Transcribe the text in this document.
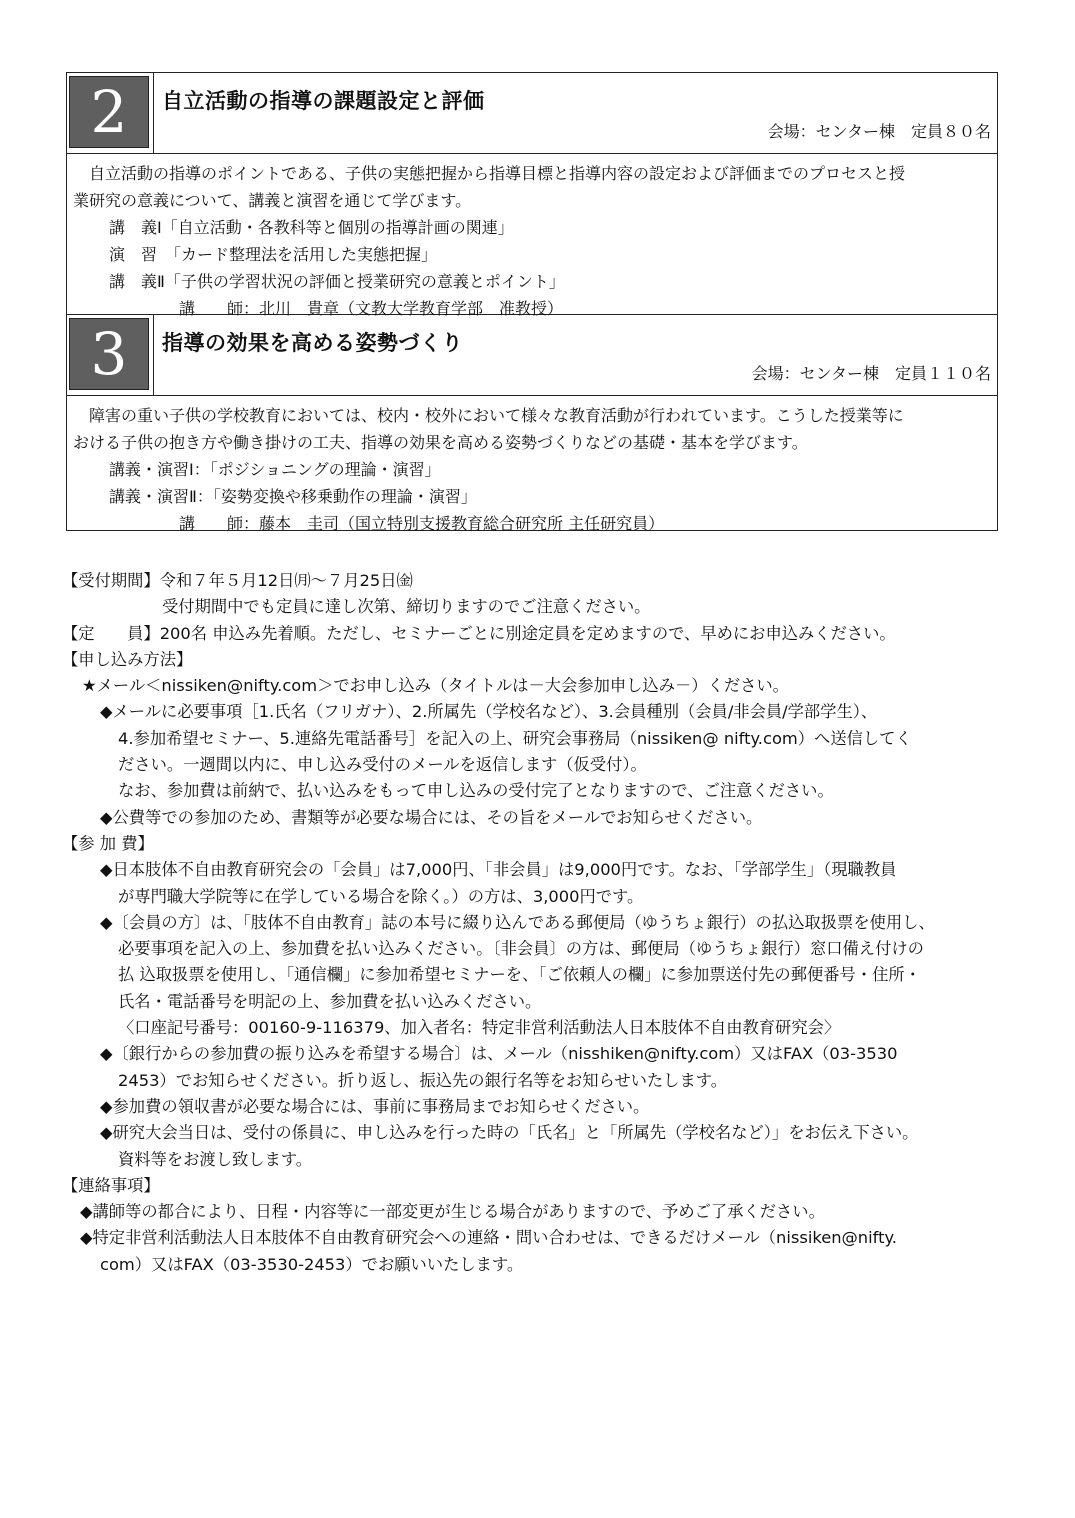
2	自立活動の指導の課題設定と評価
会場：センター棟　定員８０名

自立活動の指導のポイントである、子供の実態把握から指導目標と指導内容の設定および評価までのプロセスと授

業研究の意義について、講義と演習を通じて学びます。

講　義Ⅰ「自立活動・各教科等と個別の指導計画の関連」
演　習　「カード整理法を活用した実態把握」
講　義Ⅱ「子供の学習状況の評価と授業研究の意義とポイント」
講　　師：北川　貴章（文教大学教育学部　准教授）
3	指導の効果を高める姿勢づくり
会場：センター棟　定員１１０名

障害の重い子供の学校教育においては、校内・校外において様々な教育活動が行われています。こうした授業等に

おける子供の抱き方や働き掛けの工夫、指導の効果を高める姿勢づくりなどの基礎・基本を学びます。

講義・演習Ⅰ：「ポジショニングの理論・演習」
講義・演習Ⅱ：「姿勢変換や移乗動作の理論・演習」
講　　師：藤本　圭司（国立特別支援教育総合研究所 主任研究員）
【受付期間】令和７年５月12日㈪～７月25日㈮
受付期間中でも定員に達し次第、締切りますのでご注意ください。
【定　　員】200名 申込み先着順。ただし、セミナーごとに別途定員を定めますので、早めにお申込みください。
【申し込み方法】
★メール＜nissiken@nifty.com＞でお申し込み（タイトルは－大会参加申し込み－）ください。
◆メールに必要事項［1.氏名（フリガナ）、2.所属先（学校名など）、3.会員種別（会員/非会員/学部学生）、
4.参加希望セミナー、5.連絡先電話番号］を記入の上、研究会事務局（nissiken@ nifty.com）へ送信してく
ださい。一週間以内に、申し込み受付のメールを返信します（仮受付）。
なお、参加費は前納で、払い込みをもって申し込みの受付完了となりますので、ご注意ください。
◆公費等での参加のため、書類等が必要な場合には、その旨をメールでお知らせください。
【参 加 費】
◆日本肢体不自由教育研究会の「会員」は7,000円、「非会員」は9,000円です。なお、「学部学生」（現職教員
が専門職大学院等に在学している場合を除く。）の方は、3,000円です。
◆〔会員の方〕は、「肢体不自由教育」誌の本号に綴り込んである郵便局（ゆうちょ銀行）の払込取扱票を使用し、
必要事項を記入の上、参加費を払い込みください。〔非会員〕の方は、郵便局（ゆうちょ銀行）窓口備え付けの
払 込取扱票を使用し、「通信欄」に参加希望セミナーを、「ご依頼人の欄」に参加票送付先の郵便番号・住所・
氏名・電話番号を明記の上、参加費を払い込みください。
〈口座記号番号：00160-9-116379、加入者名：特定非営利活動法人日本肢体不自由教育研究会〉
◆〔銀行からの参加費の振り込みを希望する場合〕は、メール（nisshiken@nifty.com）又はFAX（03-3530
2453）でお知らせください。折り返し、振込先の銀行名等をお知らせいたします。
◆参加費の領収書が必要な場合には、事前に事務局までお知らせください。
◆研究大会当日は、受付の係員に、申し込みを行った時の「氏名」と「所属先（学校名など）」をお伝え下さい。
資料等をお渡し致します。
【連絡事項】
◆講師等の都合により、日程・内容等に一部変更が生じる場合がありますので、予めご了承ください。
◆特定非営利活動法人日本肢体不自由教育研究会への連絡・問い合わせは、できるだけメール（nissiken@nifty.
com）又はFAX（03-3530-2453）でお願いいたします。
